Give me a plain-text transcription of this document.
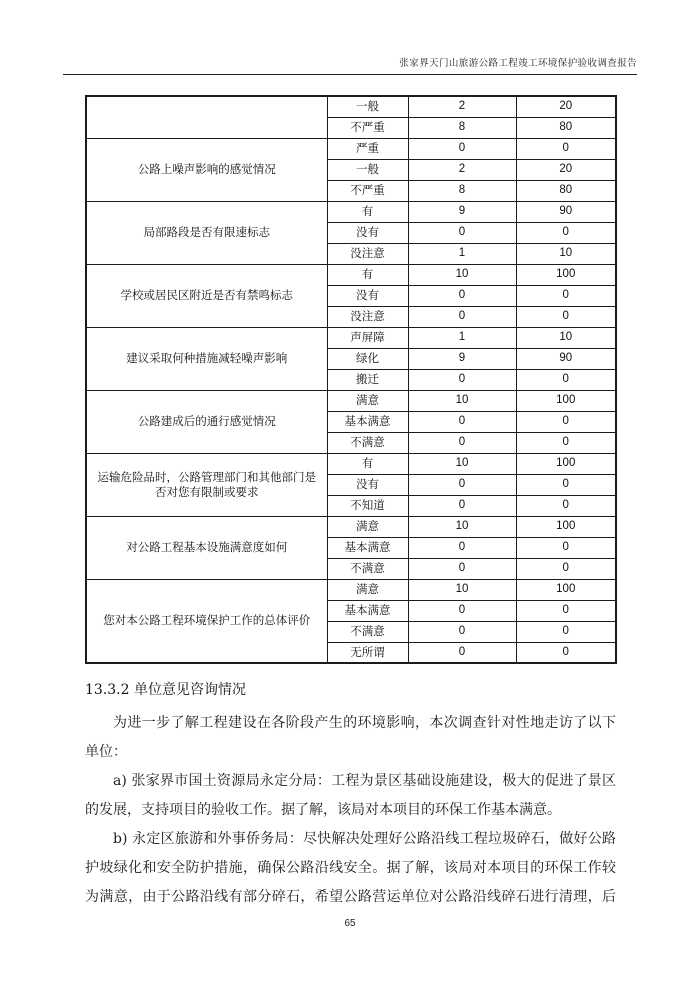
张家界天门山旅游公路工程竣工环境保护验收调查报告
	一般	2	20
	不严重	8	80
公路上噪声影响的感觉情况	严重	0	0
	一般	2	20
	不严重	8	80
局部路段是否有限速标志	有	9	90
	没有	0	0
	没注意	1	10
学校或居民区附近是否有禁鸣标志	有	10	100
	没有	0	0
	没注意	0	0
建议采取何种措施减轻噪声影响	声屏障	1	10
	绿化	9	90
	搬迁	0	0
公路建成后的通行感觉情况	满意	10	100
	基本满意	0	0
	不满意	0	0
运输危险品时，公路管理部门和其他部门是否对您有限制或要求	有	10	100
	没有	0	0
	不知道	0	0
对公路工程基本设施满意度如何	满意	10	100
	基本满意	0	0
	不满意	0	0
您对本公路工程环境保护工作的总体评价	满意	10	100
	基本满意	0	0
	不满意	0	0
	无所谓	0	0
13.3.2 单位意见咨询情况
为进一步了解工程建设在各阶段产生的环境影响，本次调查针对性地走访了以下
单位：
a) 张家界市国土资源局永定分局：工程为景区基础设施建设，极大的促进了景区
的发展，支持项目的验收工作。据了解，该局对本项目的环保工作基本满意。
b) 永定区旅游和外事侨务局：尽快解决处理好公路沿线工程垃圾碎石，做好公路
护坡绿化和安全防护措施，确保公路沿线安全。据了解，该局对本项目的环保工作较
为满意，由于公路沿线有部分碎石，希望公路营运单位对公路沿线碎石进行清理，后
65
